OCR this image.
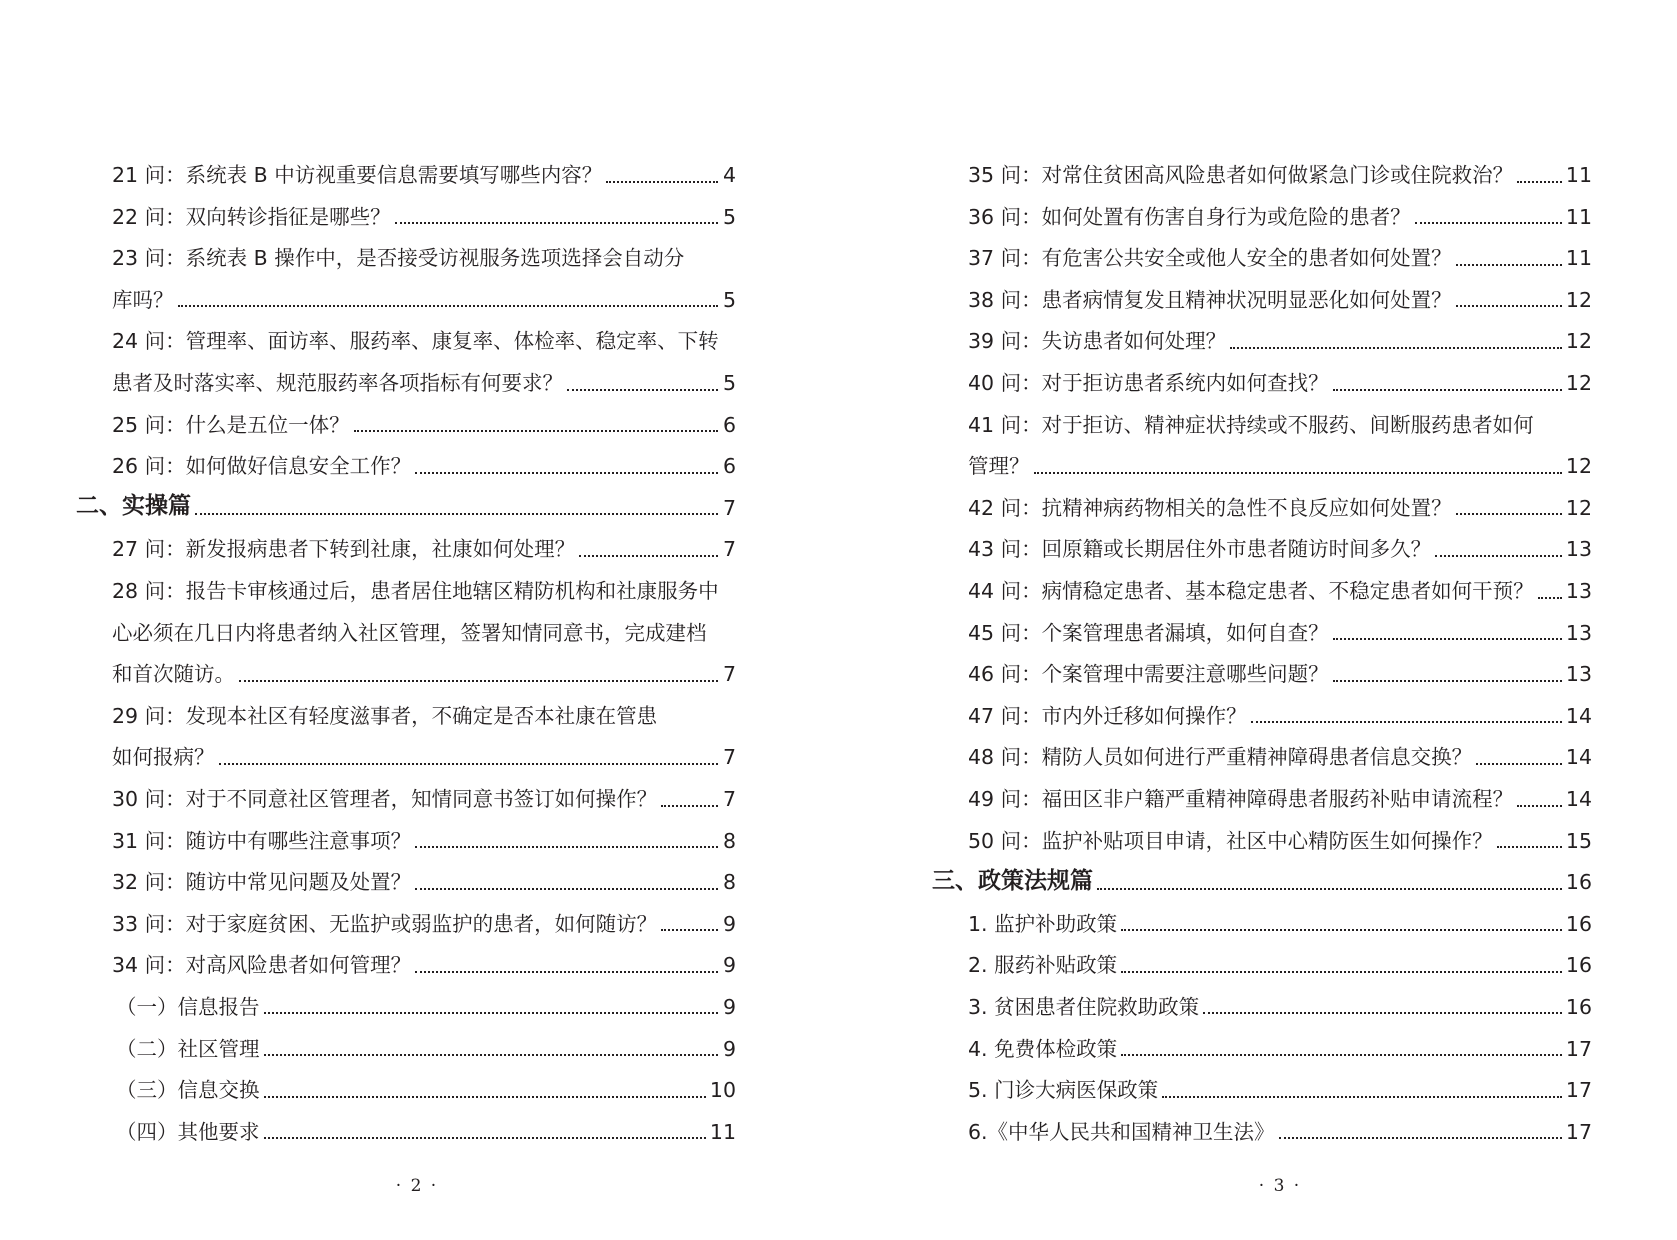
21 问：系统表 B 中访视重要信息需要填写哪些内容？	4
22 问：双向转诊指征是哪些？	5
23 问：系统表 B 操作中，是否接受访视服务选项选择会自动分
库吗？	5
24 问：管理率、面访率、服药率、康复率、体检率、稳定率、下转
患者及时落实率、规范服药率各项指标有何要求？	5
25 问：什么是五位一体？	6
26 问：如何做好信息安全工作？	6
二、实操篇	7
27 问：新发报病患者下转到社康，社康如何处理？	7
28 问：报告卡审核通过后，患者居住地辖区精防机构和社康服务中
心必须在几日内将患者纳入社区管理，签署知情同意书，完成建档
和首次随访。	7
29 问：发现本社区有轻度滋事者，不确定是否本社康在管患
如何报病？	7
30 问：对于不同意社区管理者，知情同意书签订如何操作？	7
31 问：随访中有哪些注意事项？	8
32 问：随访中常见问题及处置？	8
33 问：对于家庭贫困、无监护或弱监护的患者，如何随访？	9
34 问：对高风险患者如何管理？	9
（一）信息报告	9
（二）社区管理	9
（三）信息交换	10
（四）其他要求	11
· 2 ·
35 问：对常住贫困高风险患者如何做紧急门诊或住院救治？	11
36 问：如何处置有伤害自身行为或危险的患者？	11
37 问：有危害公共安全或他人安全的患者如何处置？	11
38 问：患者病情复发且精神状况明显恶化如何处置？	12
39 问：失访患者如何处理？	12
40 问：对于拒访患者系统内如何查找？	12
41 问：对于拒访、精神症状持续或不服药、间断服药患者如何
管理？	12
42 问：抗精神病药物相关的急性不良反应如何处置？	12
43 问：回原籍或长期居住外市患者随访时间多久？	13
44 问：病情稳定患者、基本稳定患者、不稳定患者如何干预？ 13
45 问：个案管理患者漏填，如何自查？	13
46 问：个案管理中需要注意哪些问题？	13
47 问：市内外迁移如何操作？	14
48 问：精防人员如何进行严重精神障碍患者信息交换？	14
49 问：福田区非户籍严重精神障碍患者服药补贴申请流程？	14
50 问：监护补贴项目申请，社区中心精防医生如何操作？	15
三、政策法规篇	16
1. 监护补助政策	16
2. 服药补贴政策	16
3. 贫困患者住院救助政策	16
4. 免费体检政策	17
5. 门诊大病医保政策	17
6.《中华人民共和国精神卫生法》	17
· 3 ·
